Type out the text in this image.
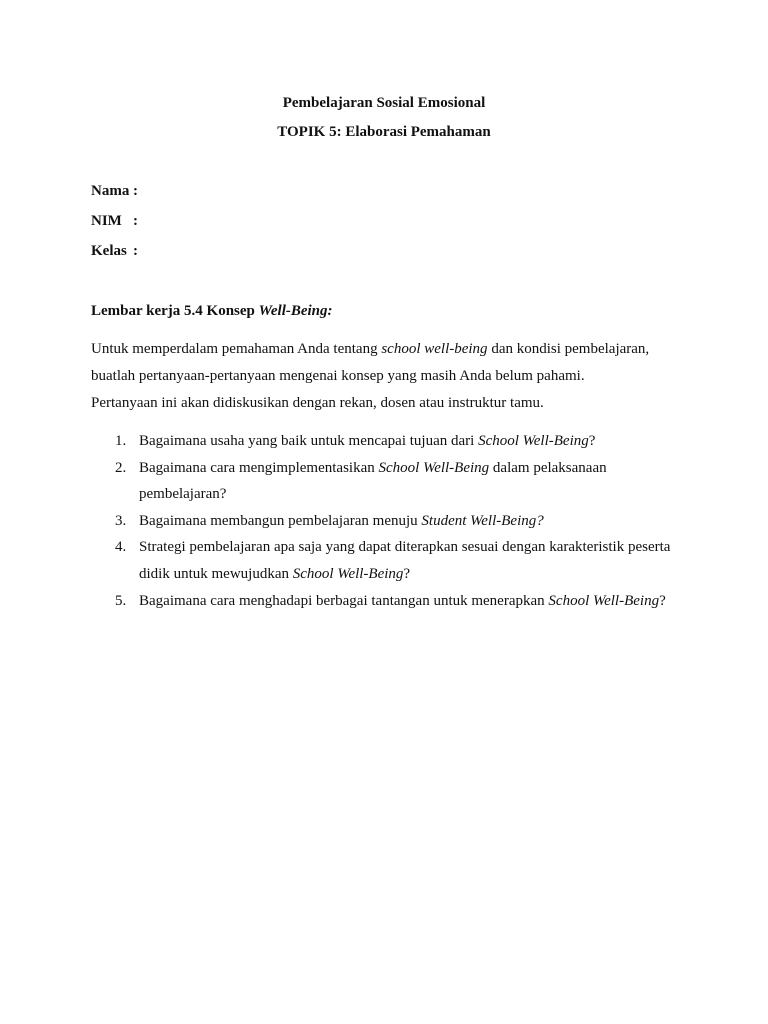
Pembelajaran Sosial Emosional
TOPIK 5: Elaborasi Pemahaman
Nama :
NIM :
Kelas :
Lembar kerja 5.4 Konsep Well-Being:
Untuk memperdalam pemahaman Anda tentang school well-being dan kondisi pembelajaran,
buatlah pertanyaan-pertanyaan mengenai konsep yang masih Anda belum pahami.
Pertanyaan ini akan didiskusikan dengan rekan, dosen atau instruktur tamu.
1. Bagaimana usaha yang baik untuk mencapai tujuan dari School Well-Being?
2. Bagaimana cara mengimplementasikan School Well-Being dalam pelaksanaan
pembelajaran?
3. Bagaimana membangun pembelajaran menuju Student Well-Being?
4. Strategi pembelajaran apa saja yang dapat diterapkan sesuai dengan karakteristik peserta
didik untuk mewujudkan School Well-Being?
5. Bagaimana cara menghadapi berbagai tantangan untuk menerapkan School Well-Being?
